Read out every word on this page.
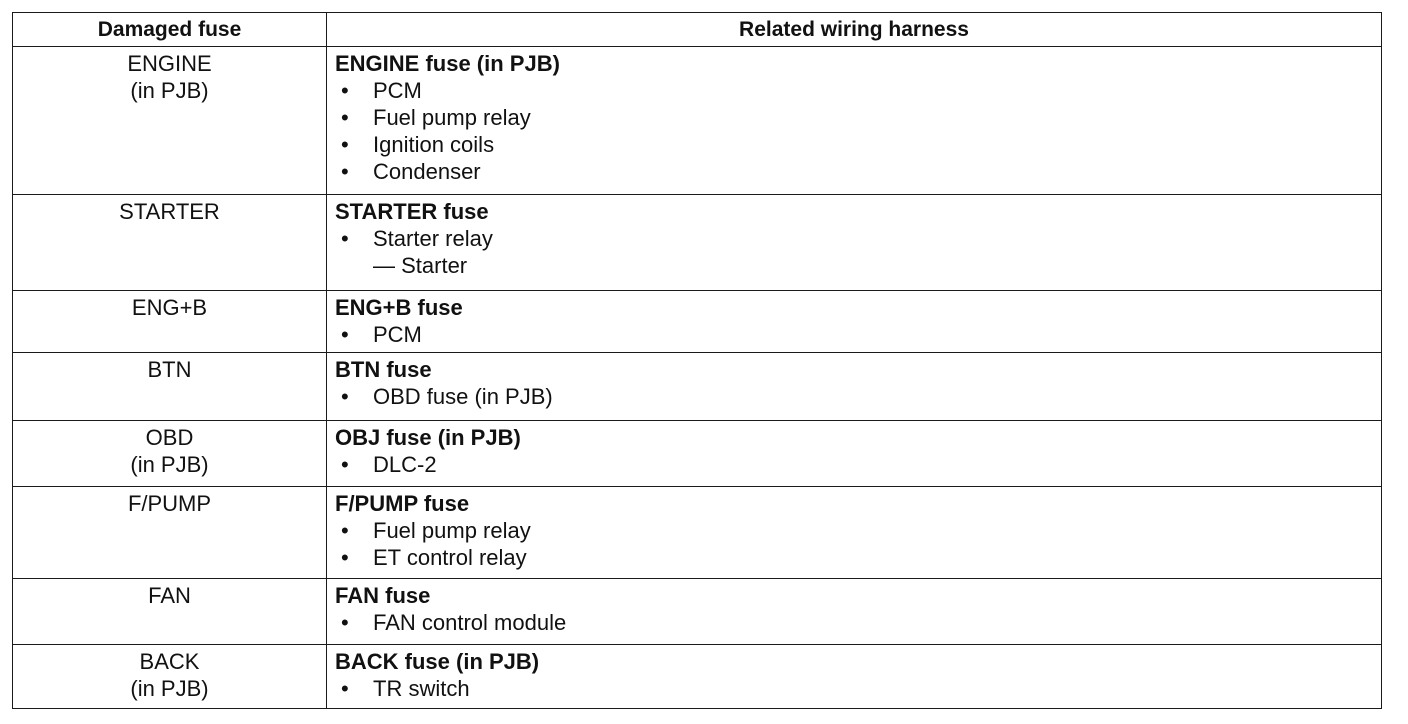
Damaged fuse	Related wiring harness

ENGINE
(in PJB)	ENGINE fuse (in PJB)
• PCM
• Fuel pump relay
• Ignition coils
• Condenser

STARTER	STARTER fuse
• Starter relay
— Starter

ENG+B	ENG+B fuse
• PCM

BTN	BTN fuse
• OBD fuse (in PJB)

OBD
(in PJB)	OBJ fuse (in PJB)
• DLC-2

F/PUMP	F/PUMP fuse
• Fuel pump relay
• ET control relay

FAN	FAN fuse
• FAN control module

BACK
(in PJB)	BACK fuse (in PJB)
• TR switch
